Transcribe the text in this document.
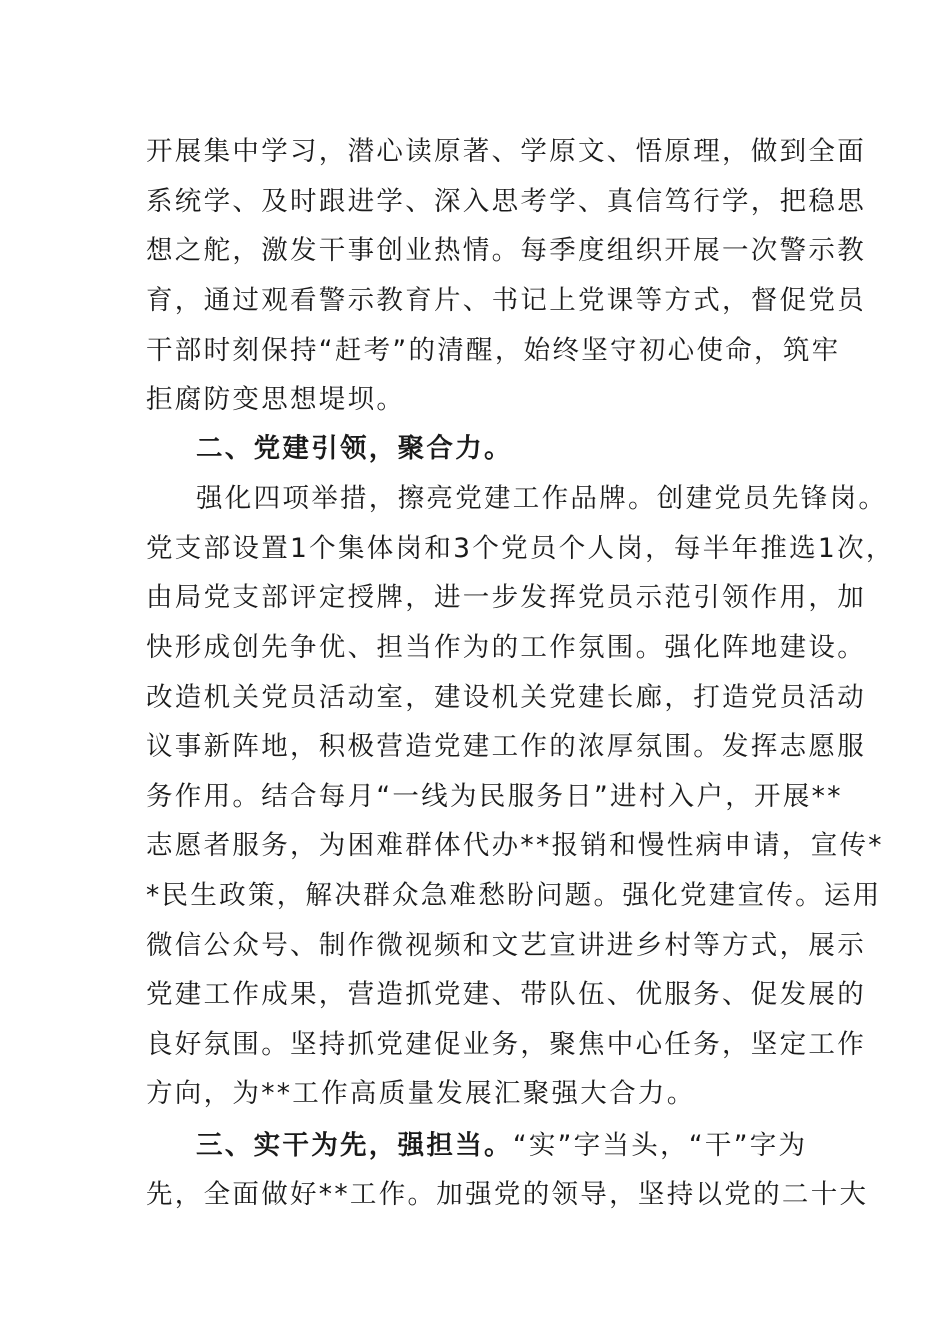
开展集中学习，潜心读原著、学原文、悟原理，做到全面
系统学、及时跟进学、深入思考学、真信笃行学，把稳思
想之舵，激发干事创业热情。每季度组织开展一次警示教
育，通过观看警示教育片、书记上党课等方式，督促党员
干部时刻保持“赶考”的清醒，始终坚守初心使命，筑牢
拒腐防变思想堤坝。
二、党建引领，聚合力。
强化四项举措，擦亮党建工作品牌。创建党员先锋岗。
党支部设置1个集体岗和3个党员个人岗，每半年推选1次，
由局党支部评定授牌，进一步发挥党员示范引领作用，加
快形成创先争优、担当作为的工作氛围。强化阵地建设。
改造机关党员活动室，建设机关党建长廊，打造党员活动
议事新阵地，积极营造党建工作的浓厚氛围。发挥志愿服
务作用。结合每月“一线为民服务日”进村入户，开展**
志愿者服务，为困难群体代办**报销和慢性病申请，宣传*
*民生政策，解决群众急难愁盼问题。强化党建宣传。运用
微信公众号、制作微视频和文艺宣讲进乡村等方式，展示
党建工作成果，营造抓党建、带队伍、优服务、促发展的
良好氛围。坚持抓党建促业务，聚焦中心任务，坚定工作
方向，为**工作高质量发展汇聚强大合力。
三、实干为先，强担当。“实”字当头，“干”字为
先，全面做好**工作。加强党的领导，坚持以党的二十大
